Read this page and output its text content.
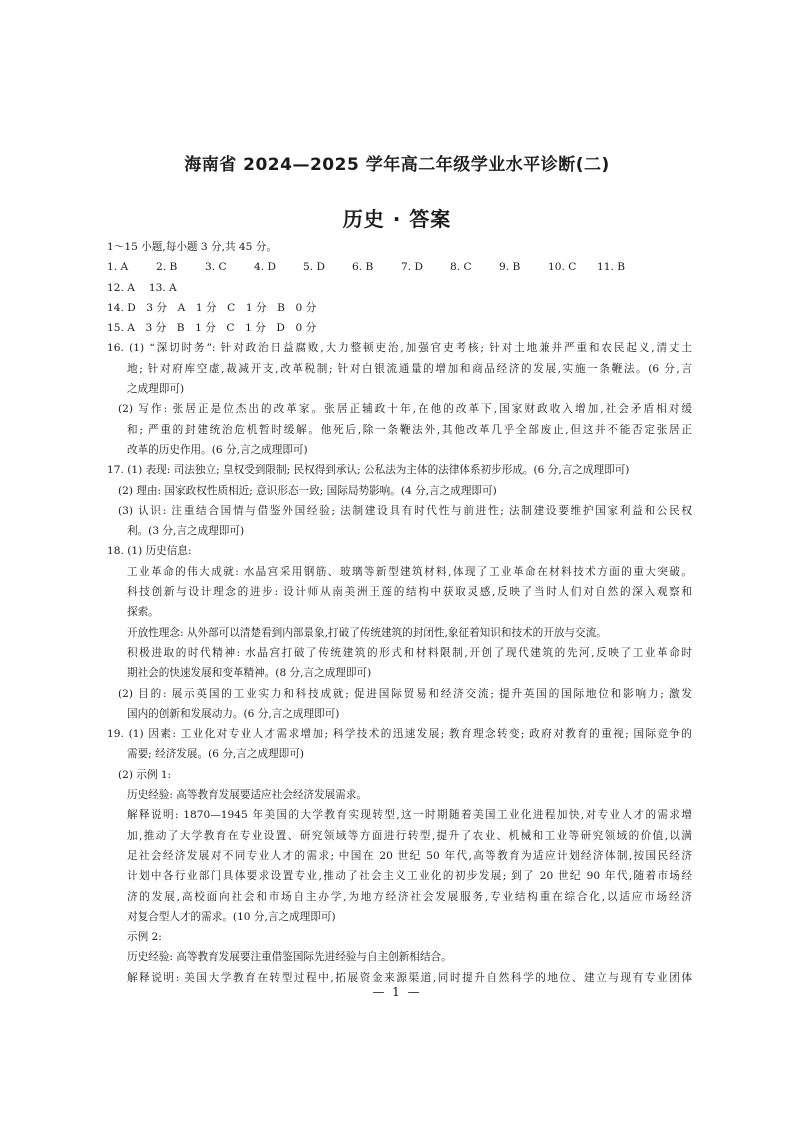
海南省 2024—2025 学年高二年级学业水平诊断(二)
历史 · 答案
1～15 小题,每小题 3 分,共 45 分。
1. A	2. B	3. C	4. D	5. D	6. B	7. D	8. C	9. B	10. C 11. B
12. A　 13. A
14. D　3 分　A　1 分　C　1 分　B　0 分
15. A　3 分　B　1 分　C　1 分　D　0 分
16. (1) “深切时务”: 针对政治日益腐败,大力整顿吏治,加强官吏考核; 针对土地兼并严重和农民起义,清丈土
地; 针对府库空虚,裁减开支,改革税制; 针对白银流通量的增加和商品经济的发展,实施一条鞭法。(6 分,言
之成理即可)
(2) 写作: 张居正是位杰出的改革家。张居正辅政十年,在他的改革下,国家财政收入增加,社会矛盾相对缓
和; 严重的封建统治危机暂时缓解。他死后,除一条鞭法外,其他改革几乎全部废止,但这并不能否定张居正
改革的历史作用。(6 分,言之成理即可)
17. (1) 表现: 司法独立; 皇权受到限制; 民权得到承认; 公私法为主体的法律体系初步形成。(6 分,言之成理即可)
(2) 理由: 国家政权性质相近; 意识形态一致; 国际局势影响。(4 分,言之成理即可)
(3) 认识: 注重结合国情与借鉴外国经验; 法制建设具有时代性与前进性; 法制建设要维护国家利益和公民权
利。(3 分,言之成理即可)
18. (1) 历史信息:
工业革命的伟大成就: 水晶宫采用钢筋、玻璃等新型建筑材料,体现了工业革命在材料技术方面的重大突破。
科技创新与设计理念的进步: 设计师从南美洲王莲的结构中获取灵感,反映了当时人们对自然的深入观察和
探索。
开放性理念: 从外部可以清楚看到内部景象,打破了传统建筑的封闭性,象征着知识和技术的开放与交流。
积极进取的时代精神: 水晶宫打破了传统建筑的形式和材料限制,开创了现代建筑的先河,反映了工业革命时
期社会的快速发展和变革精神。(8 分,言之成理即可)
(2) 目的: 展示英国的工业实力和科技成就; 促进国际贸易和经济交流; 提升英国的国际地位和影响力; 激发
国内的创新和发展动力。(6 分,言之成理即可)
19. (1) 因素: 工业化对专业人才需求增加; 科学技术的迅速发展; 教育理念转变; 政府对教育的重视; 国际竞争的
需要; 经济发展。(6 分,言之成理即可)
(2) 示例 1:
历史经验: 高等教育发展要适应社会经济发展需求。
解释说明: 1870—1945 年美国的大学教育实现转型,这一时期随着美国工业化进程加快,对专业人才的需求增
加,推动了大学教育在专业设置、研究领域等方面进行转型,提升了农业、机械和工业等研究领域的价值,以满
足社会经济发展对不同专业人才的需求; 中国在 20 世纪 50 年代,高等教育为适应计划经济体制,按国民经济
计划中各行业部门具体要求设置专业,推动了社会主义工业化的初步发展; 到了 20 世纪 90 年代,随着市场经
济的发展,高校面向社会和市场自主办学,为地方经济社会发展服务,专业结构重在综合化,以适应市场经济
对复合型人才的需求。(10 分,言之成理即可)
示例 2:
历史经验: 高等教育发展要注重借鉴国际先进经验与自主创新相结合。
解释说明: 美国大学教育在转型过程中,拓展资金来源渠道,同时提升自然科学的地位、建立与现有专业团体
— 1 —
